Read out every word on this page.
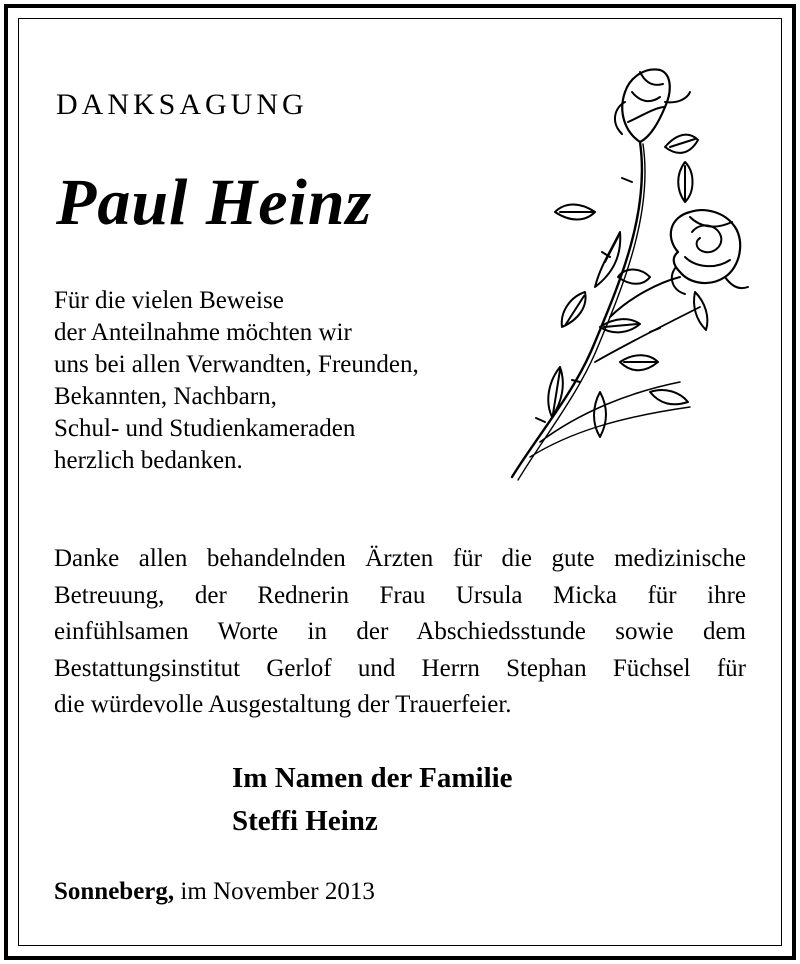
DANKSAGUNG
Paul Heinz
Für die vielen Beweise
der Anteilnahme möchten wir
uns bei allen Verwandten, Freunden,
Bekannten, Nachbarn,
Schul- und Studienkameraden
herzlich bedanken.
Danke allen behandelnden Ärzten für die gute medizinische
Betreuung, der Rednerin Frau Ursula Micka für ihre
einfühlsamen Worte in der Abschiedsstunde sowie dem
Bestattungsinstitut Gerlof und Herrn Stephan Füchsel für
die würdevolle Ausgestaltung der Trauerfeier.
Im Namen der Familie
Steffi Heinz
Sonneberg, im November 2013
